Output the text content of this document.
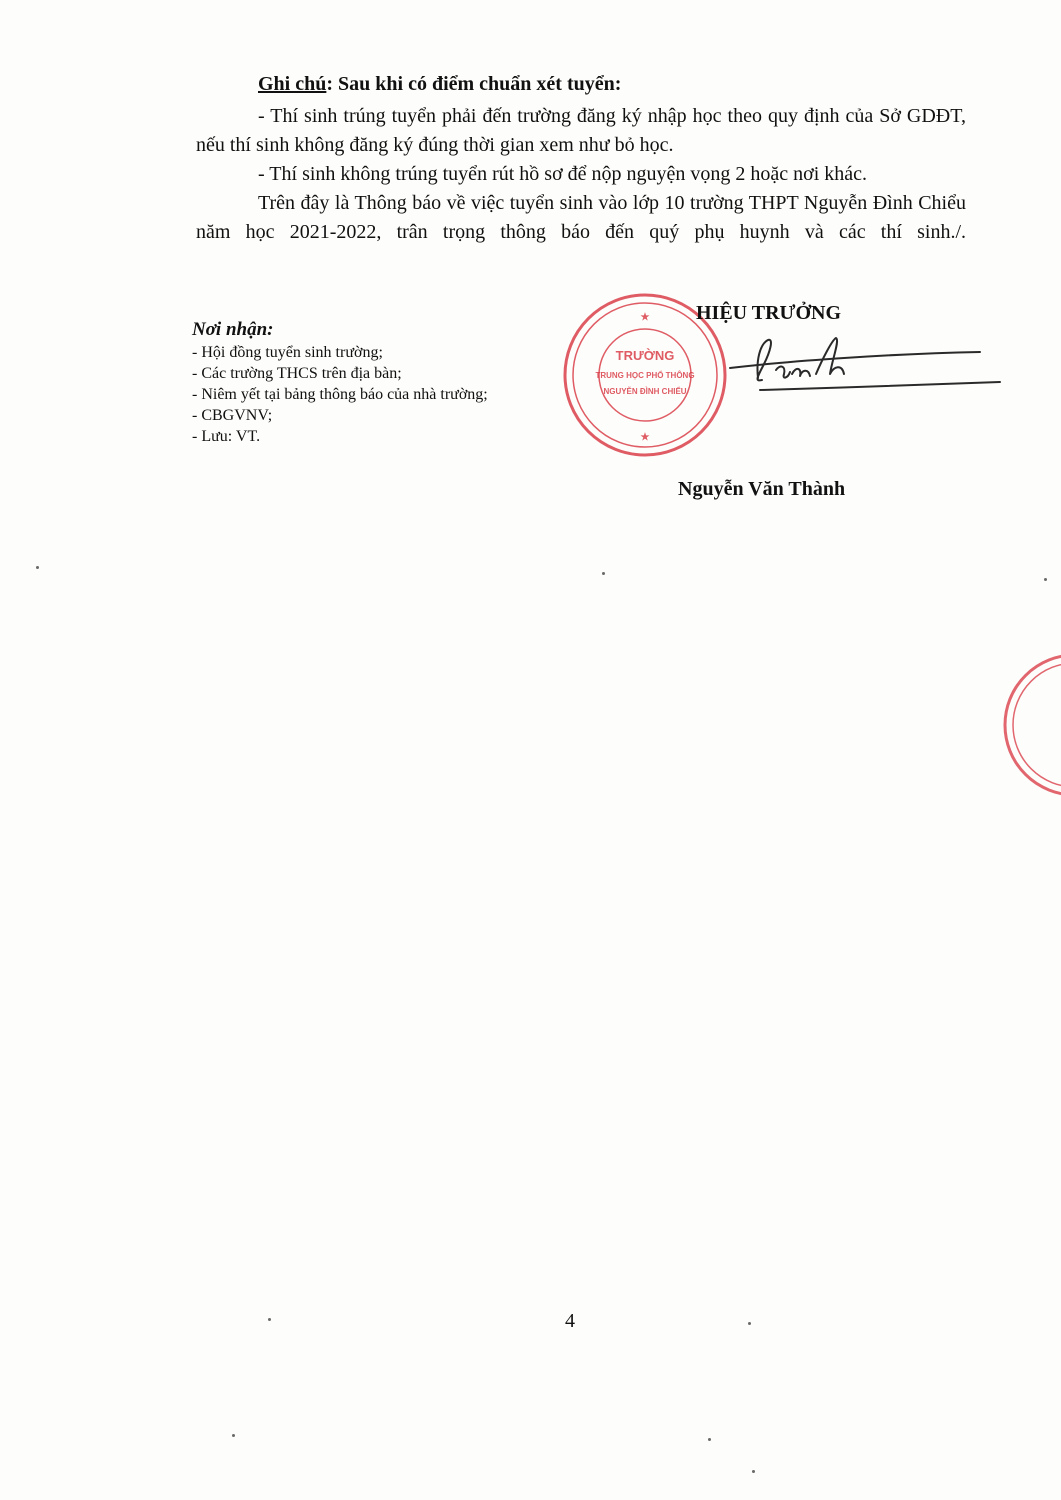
Ghi chú: Sau khi có điểm chuẩn xét tuyển:
- Thí sinh trúng tuyển phải đến trường đăng ký nhập học theo quy định của Sở GDĐT, nếu thí sinh không đăng ký đúng thời gian xem như bỏ học.
- Thí sinh không trúng tuyển rút hồ sơ để nộp nguyện vọng 2 hoặc nơi khác.
Trên đây là Thông báo về việc tuyển sinh vào lớp 10 trường THPT Nguyễn Đình Chiểu năm học 2021-2022, trân trọng thông báo đến quý phụ huynh và các thí sinh./.
Nơi nhận:
- Hội đồng tuyển sinh trường;
- Các trường THCS trên địa bàn;
- Niêm yết tại bảng thông báo của nhà trường;
- CBGVNV;
- Lưu: VT.
TRƯỜNG
TRUNG HỌC PHỔ THÔNG
NGUYỄN ĐÌNH CHIỂU
★
★
HIỆU TRƯỞNG
Nguyễn Văn Thành
4
